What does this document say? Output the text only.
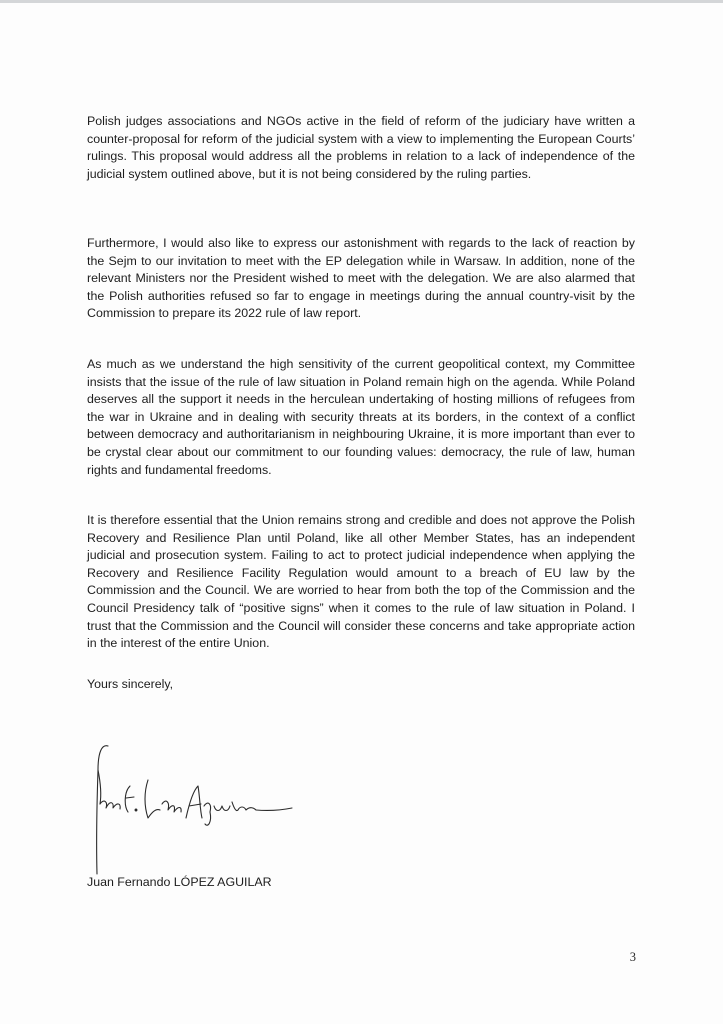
Polish judges associations and NGOs active in the field of reform of the judiciary have written a counter-proposal for reform of the judicial system with a view to implementing the European Courts’ rulings. This proposal would address all the problems in relation to a lack of independence of the judicial system outlined above, but it is not being considered by the ruling parties.

Furthermore, I would also like to express our astonishment with regards to the lack of reaction by the Sejm to our invitation to meet with the EP delegation while in Warsaw. In addition, none of the relevant Ministers nor the President wished to meet with the delegation. We are also alarmed that the Polish authorities refused so far to engage in meetings during the annual country-visit by the Commission to prepare its 2022 rule of law report.

As much as we understand the high sensitivity of the current geopolitical context, my Committee insists that the issue of the rule of law situation in Poland remain high on the agenda. While Poland deserves all the support it needs in the herculean undertaking of hosting millions of refugees from the war in Ukraine and in dealing with security threats at its borders, in the context of a conflict between democracy and authoritarianism in neighbouring Ukraine, it is more important than ever to be crystal clear about our commitment to our founding values: democracy, the rule of law, human rights and fundamental freedoms.

It is therefore essential that the Union remains strong and credible and does not approve the Polish Recovery and Resilience Plan until Poland, like all other Member States, has an independent judicial and prosecution system. Failing to act to protect judicial independence when applying the Recovery and Resilience Facility Regulation would amount to a breach of EU law by the Commission and the Council. We are worried to hear from both the top of the Commission and the Council Presidency talk of “positive signs” when it comes to the rule of law situation in Poland. I trust that the Commission and the Council will consider these concerns and take appropriate action in the interest of the entire Union.

Yours sincerely,

Juan Fernando LÓPEZ AGUILAR

3
